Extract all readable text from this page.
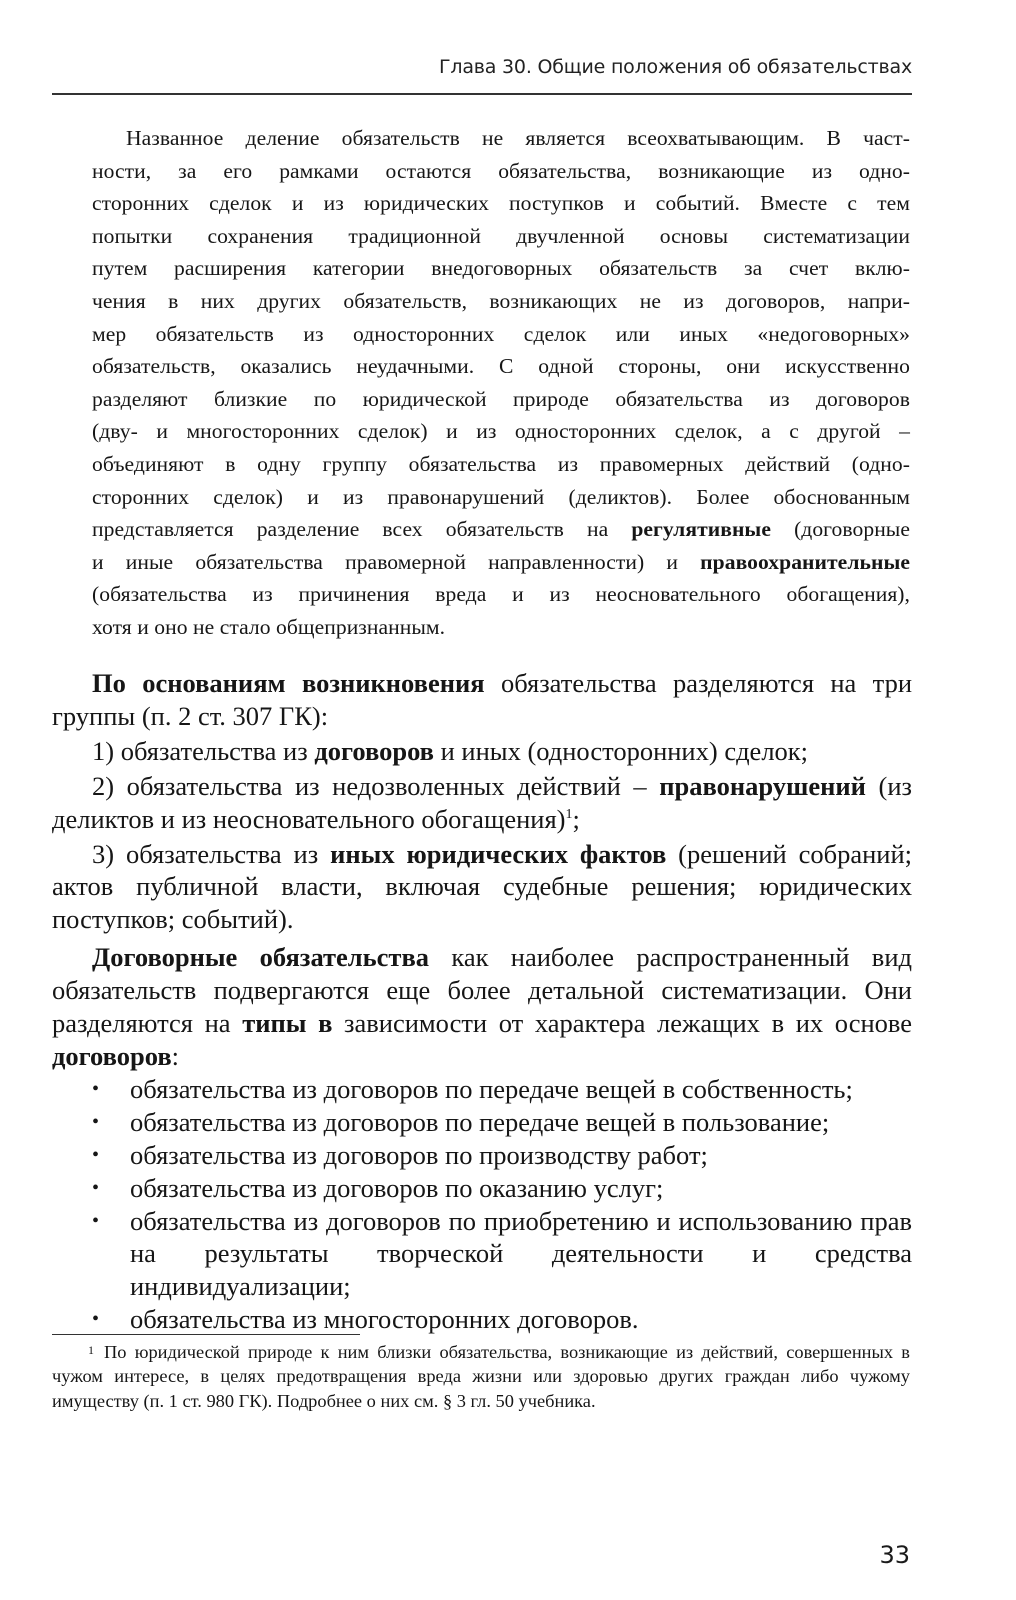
Глава 30. Общие положения об обязательствах
Названное деление обязательств не является всеохватывающим. В част-
ности, за его рамками остаются обязательства, возникающие из одно-
сторонних сделок и из юридических поступков и событий. Вместе с тем
попытки сохранения традиционной двучленной основы систематизации
путем расширения категории внедоговорных обязательств за счет вклю-
чения в них других обязательств, возникающих не из договоров, напри-
мер обязательств из односторонних сделок или иных «недоговорных»
обязательств, оказались неудачными. С одной стороны, они искусственно
разделяют близкие по юридической природе обязательства из договоров
(дву- и многосторонних сделок) и из односторонних сделок, а с другой –
объединяют в одну группу обязательства из правомерных действий (одно-
сторонних сделок) и из правонарушений (деликтов). Более обоснованным
представляется разделение всех обязательств на регулятивные (договорные
и иные обязательства правомерной направленности) и правоохранительные
(обязательства из причинения вреда и из неосновательного обогащения),
хотя и оно не стало общепризнанным.

По основаниям возникновения обязательства разделяются на три группы (п. 2 ст. 307 ГК):

1) обязательства из договоров и иных (односторонних) сделок;

2) обязательства из недозволенных действий – правонарушений (из деликтов и из неосновательного обогащения)$^1$;

3) обязательства из иных юридических фактов (решений собраний; актов публичной власти, включая судебные решения; юридических поступков; событий).

Договорные обязательства как наиболее распространенный вид обязательств подвергаются еще более детальной систематизации. Они разделяются на типы в зависимости от характера лежащих в их основе договоров:

• обязательства из договоров по передаче вещей в собственность;
• обязательства из договоров по передаче вещей в пользование;
• обязательства из договоров по производству работ;
• обязательства из договоров по оказанию услуг;
• обязательства из договоров по приобретению и использованию прав на результаты творческой деятельности и средства индивидуализации;
• обязательства из многосторонних договоров.
$^1$ По юридической природе к ним близки обязательства, возникающие из действий, совершенных в чужом интересе, в целях предотвращения вреда жизни или здоровью других граждан либо чужому имуществу (п. 1 ст. 980 ГК). Подробнее о них см. § 3 гл. 50 учебника.
33
